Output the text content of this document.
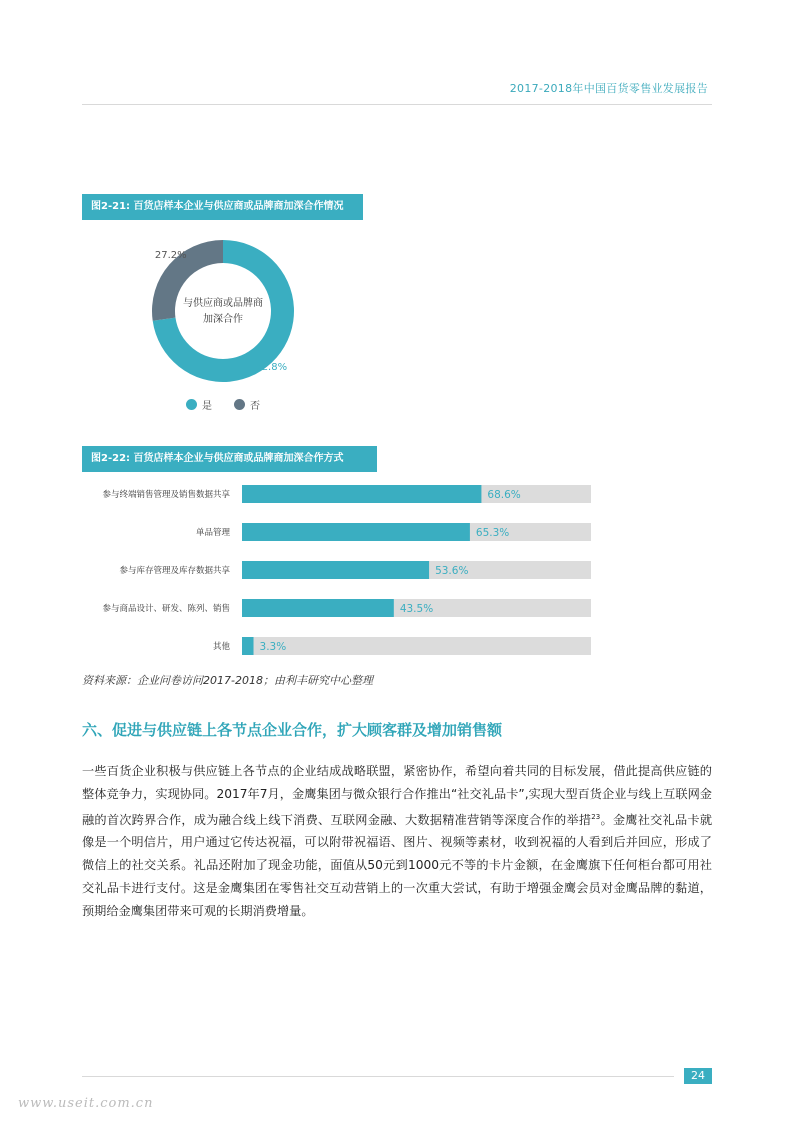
2017-2018年中国百货零售业发展报告
图2-21: 百货店样本企业与供应商或品牌商加深合作情况
72.8%
27.2%
与供应商或品牌商
加深合作
是	否
图2-22: 百货店样本企业与供应商或品牌商加深合作方式
参与终端销售管理及销售数据共享	68.6%
单品管理	65.3%
参与库存管理及库存数据共享	53.6%
参与商品设计、研发、陈列、销售	43.5%
其他	3.3%
资料来源：企业问卷访问2017-2018；由利丰研究中心整理
六、促进与供应链上各节点企业合作，扩大顾客群及增加销售额

一些百货企业积极与供应链上各节点的企业结成战略联盟，紧密协作，希望向着共同的目标发展，借此提高供应链的整体竞争力，实现协同。2017年7月，金鹰集团与微众银行合作推出“社交礼品卡”,实现大型百货企业与线上互联网金融的首次跨界合作，成为融合线上线下消费、互联网金融、大数据精准营销等深度合作的举措$^{23}$。金鹰社交礼品卡就像是一个明信片，用户通过它传达祝福，可以附带祝福语、图片、视频等素材，收到祝福的人看到后并回应，形成了微信上的社交关系。礼品还附加了现金功能，面值从50元到1000元不等的卡片金额，在金鹰旗下任何柜台都可用社交礼品卡进行支付。这是金鹰集团在零售社交互动营销上的一次重大尝试，有助于增强金鹰会员对金鹰品牌的黏道，预期给金鹰集团带来可观的长期消费增量。

24
www.useit.com.cn
